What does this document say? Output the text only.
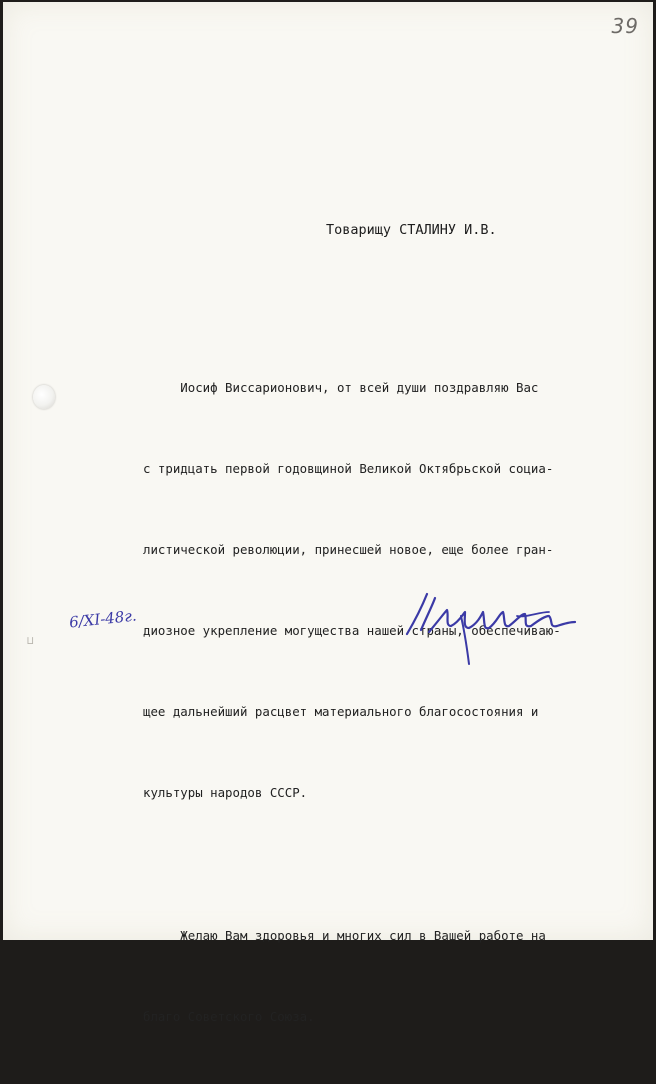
39
⊔
Товарищу СТАЛИНУ И.В.

Иосиф Виссарионович, от всей души поздравляю Вас

с тридцать первой годовщиной Великой Октябрьской социа-

листической революции, принесшей новое, еще более гран-

диозное укрепление могущества нашей страны, обеспечиваю-

щее дальнейший расцвет материального благосостояния и

культуры народов СССР.

Желаю Вам здоровья и многих сил в Вашей работе на

благо Советского Союза.

6/XI-48г.
